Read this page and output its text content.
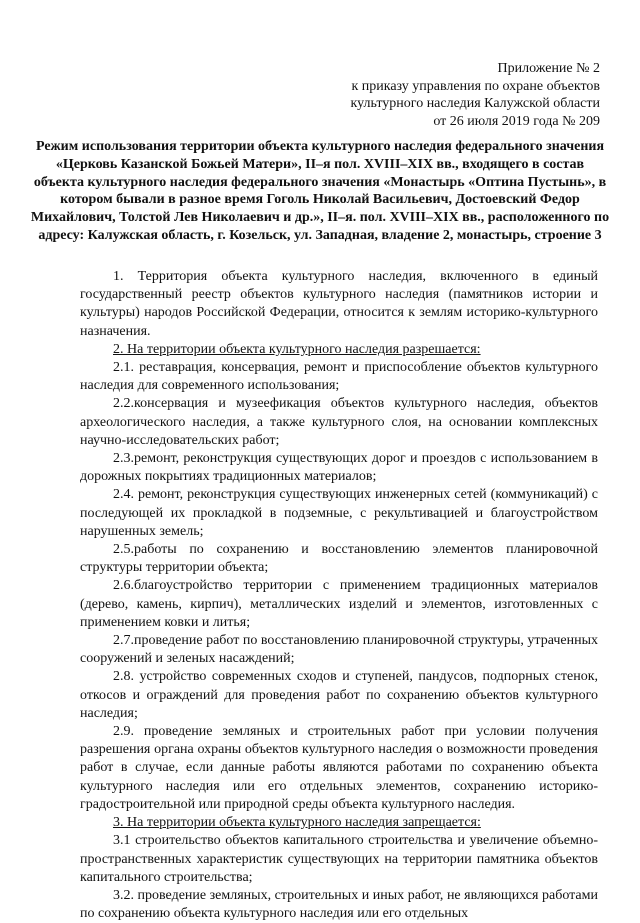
Приложение № 2
к приказу управления по охране объектов
культурного наследия Калужской области
от 26 июля 2019 года № 209
Режим использования территории объекта культурного наследия федерального значения «Церковь Казанской Божьей Матери», II–я пол. XVIII–XIX вв., входящего в состав объекта культурного наследия федерального значения «Монастырь «Оптина Пустынь», в котором бывали в разное время Гоголь Николай Васильевич, Достоевский Федор Михайлович, Толстой Лев Николаевич и др.», II–я. пол. XVIII–XIX вв., расположенного по адресу: Калужская область, г. Козельск, ул. Западная, владение 2, монастырь, строение 3

1. Территория объекта культурного наследия, включенного в единый государственный реестр объектов культурного наследия (памятников истории и культуры) народов Российской Федерации, относится к землям историко-культурного назначения.

2. На территории объекта культурного наследия разрешается:

2.1. реставрация, консервация, ремонт и приспособление объектов культурного наследия для современного использования;

2.2.консервация и музеефикация объектов культурного наследия, объектов археологического наследия, а также культурного слоя, на основании комплексных научно-исследовательских работ;

2.3.ремонт, реконструкция существующих дорог и проездов с использованием в дорожных покрытиях традиционных материалов;

2.4. ремонт, реконструкция существующих инженерных сетей (коммуникаций) с последующей их прокладкой в подземные, с рекультивацией и благоустройством нарушенных земель;

2.5.работы по сохранению и восстановлению элементов планировочной структуры территории объекта;

2.6.благоустройство территории с применением традиционных материалов (дерево, камень, кирпич), металлических изделий и элементов, изготовленных с применением ковки и литья;

2.7.проведение работ по восстановлению планировочной структуры, утраченных сооружений и зеленых насаждений;

2.8. устройство современных сходов и ступеней, пандусов, подпорных стенок, откосов и ограждений для проведения работ по сохранению объектов культурного наследия;

2.9. проведение земляных и строительных работ при условии получения разрешения органа охраны объектов культурного наследия о возможности проведения работ в случае, если данные работы являются работами по сохранению объекта культурного наследия или его отдельных элементов, сохранению историко-градостроительной или природной среды объекта культурного наследия.

3. На территории объекта культурного наследия запрещается:

3.1 строительство объектов капитального строительства и увеличение объемно-пространственных характеристик существующих на территории памятника объектов капитального строительства;

3.2. проведение земляных, строительных и иных работ, не являющихся работами по сохранению объекта культурного наследия или его отдельных
